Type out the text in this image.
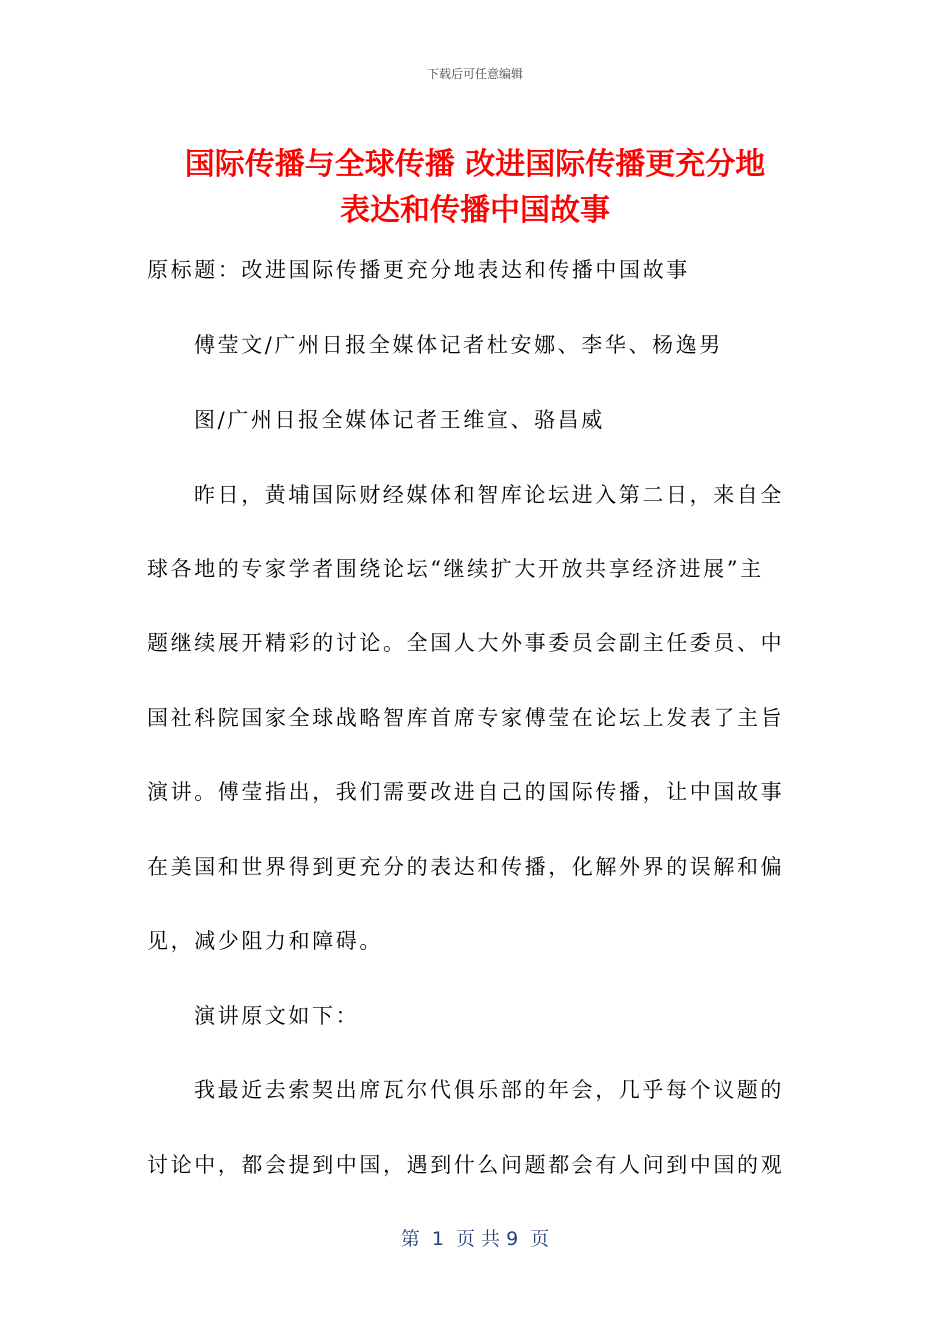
下载后可任意编辑
国际传播与全球传播 改进国际传播更充分地
表达和传播中国故事
原标题：改进国际传播更充分地表达和传播中国故事
傅莹文/广州日报全媒体记者杜安娜、李华、杨逸男
图/广州日报全媒体记者王维宣、骆昌威
昨日，黄埔国际财经媒体和智库论坛进入第二日，来自全
球各地的专家学者围绕论坛“继续扩大开放共享经济进展”主
题继续展开精彩的讨论。全国人大外事委员会副主任委员、中
国社科院国家全球战略智库首席专家傅莹在论坛上发表了主旨
演讲。傅莹指出，我们需要改进自己的国际传播，让中国故事
在美国和世界得到更充分的表达和传播，化解外界的误解和偏
见，减少阻力和障碍。
演讲原文如下：
我最近去索契出席瓦尔代俱乐部的年会，几乎每个议题的
讨论中，都会提到中国，遇到什么问题都会有人问到中国的观
第  1  页 共 9  页
